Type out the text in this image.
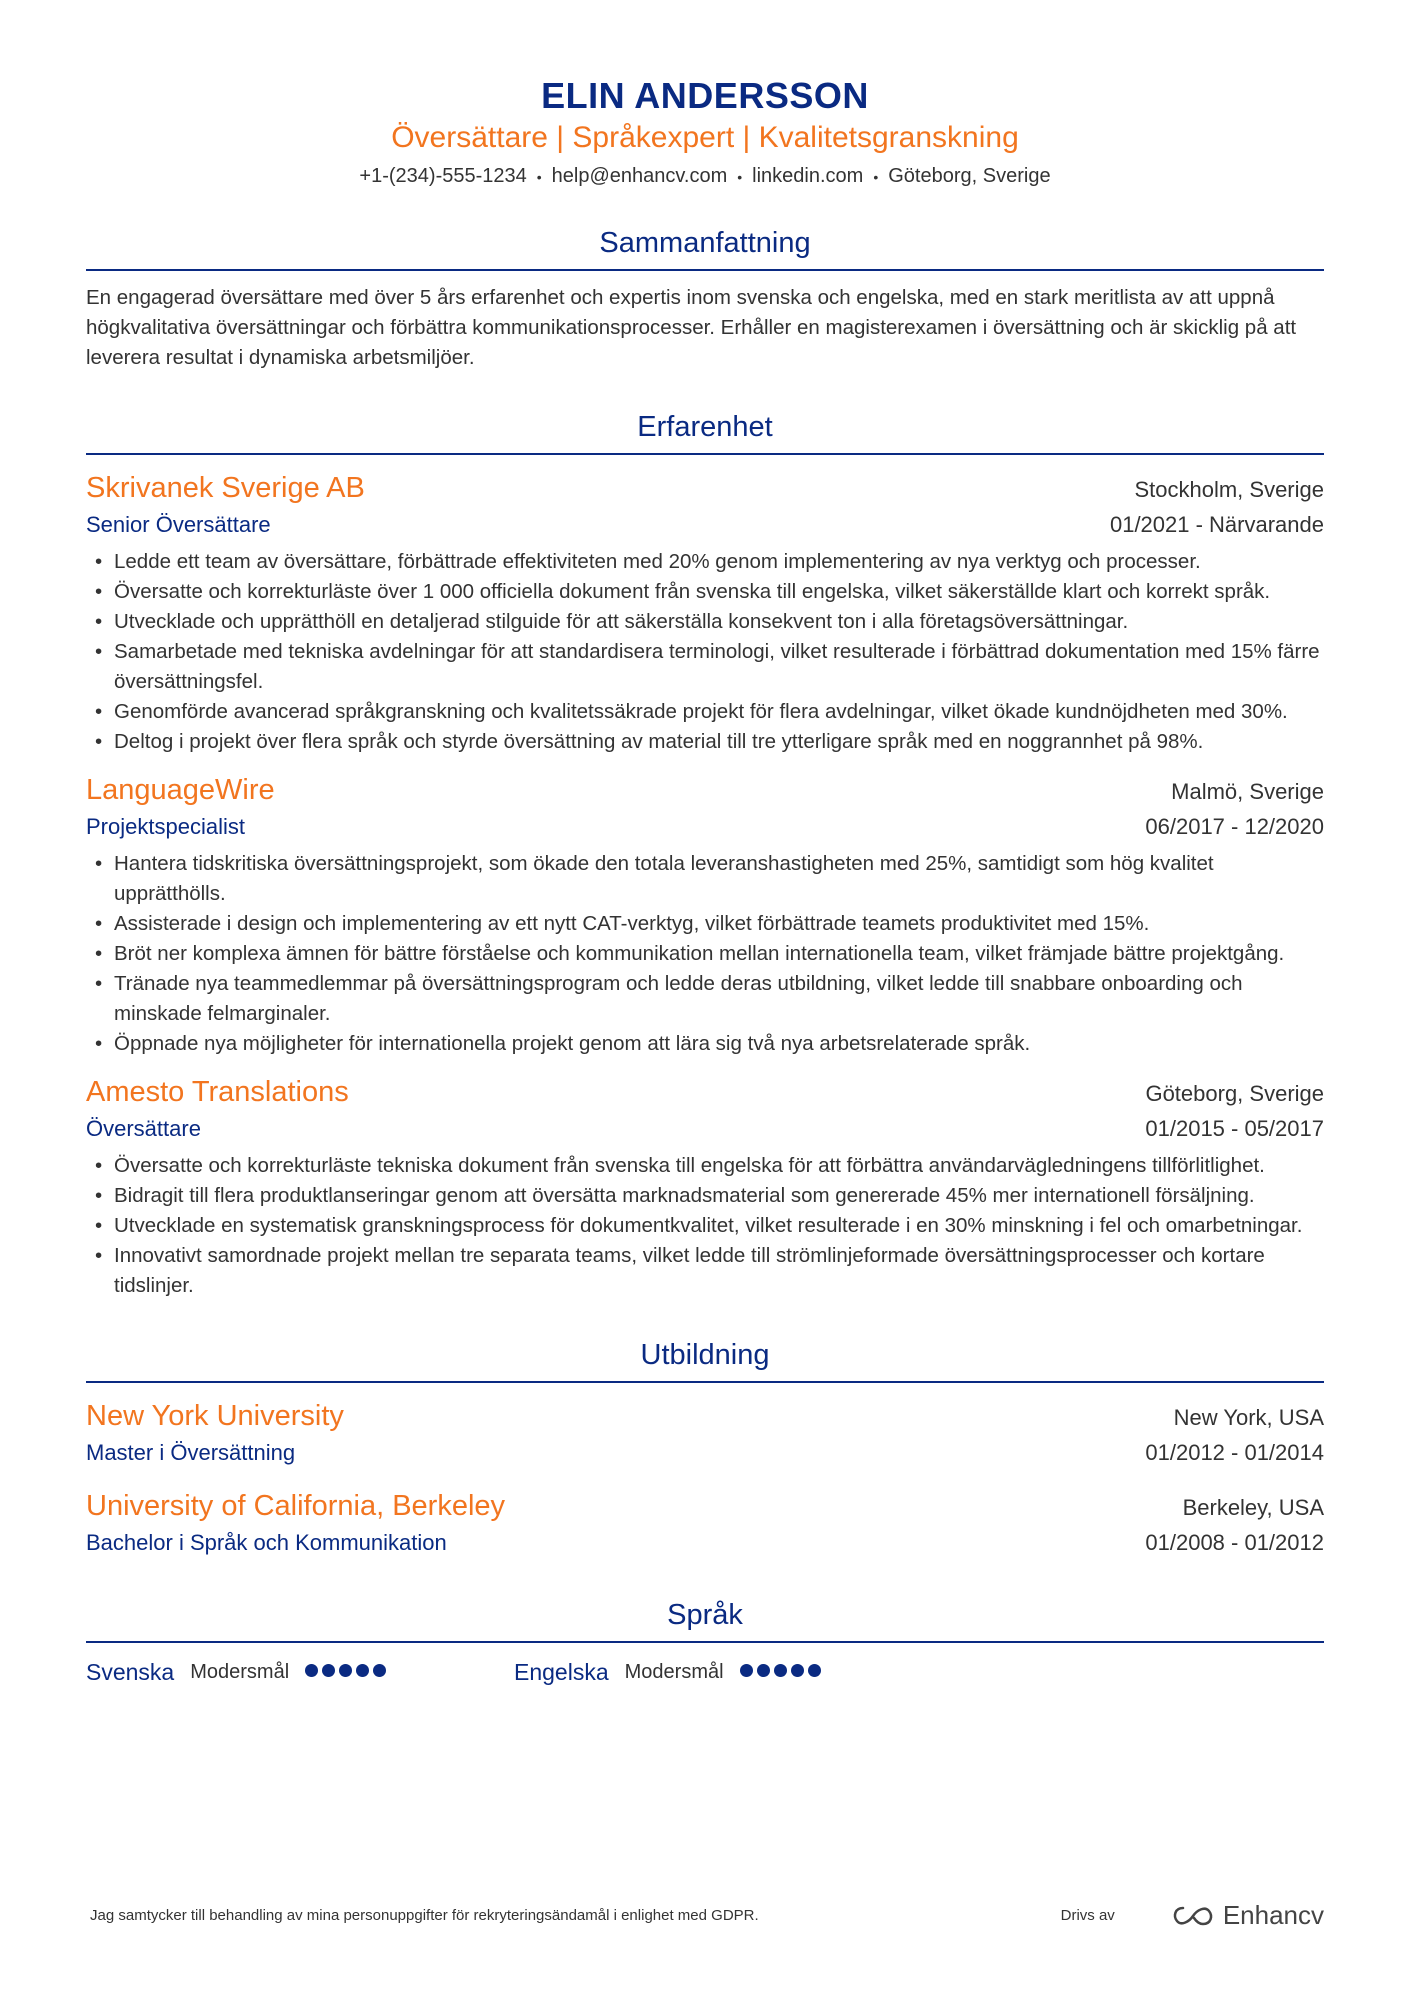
ELIN ANDERSSON
Översättare | Språkexpert | Kvalitetsgranskning
+1-(234)-555-1234 • help@enhancv.com • linkedin.com • Göteborg, Sverige
Sammanfattning
En engagerad översättare med över 5 års erfarenhet och expertis inom svenska och engelska, med en stark meritlista av att uppnå högkvalitativa översättningar och förbättra kommunikationsprocesser. Erhåller en magisterexamen i översättning och är skicklig på att leverera resultat i dynamiska arbetsmiljöer.
Erfarenhet
Skrivanek Sverige AB	Stockholm, Sverige
Senior Översättare	01/2021 - Närvarande
• Ledde ett team av översättare, förbättrade effektiviteten med 20% genom implementering av nya verktyg och processer.
• Översatte och korrekturläste över 1 000 officiella dokument från svenska till engelska, vilket säkerställde klart och korrekt språk.
• Utvecklade och upprätthöll en detaljerad stilguide för att säkerställa konsekvent ton i alla företagsöversättningar.
• Samarbetade med tekniska avdelningar för att standardisera terminologi, vilket resulterade i förbättrad dokumentation med 15% färre översättningsfel.
• Genomförde avancerad språkgranskning och kvalitetssäkrade projekt för flera avdelningar, vilket ökade kundnöjdheten med 30%.
• Deltog i projekt över flera språk och styrde översättning av material till tre ytterligare språk med en noggrannhet på 98%.
LanguageWire	Malmö, Sverige
Projektspecialist	06/2017 - 12/2020
• Hantera tidskritiska översättningsprojekt, som ökade den totala leveranshastigheten med 25%, samtidigt som hög kvalitet upprätthölls.
• Assisterade i design och implementering av ett nytt CAT-verktyg, vilket förbättrade teamets produktivitet med 15%.
• Bröt ner komplexa ämnen för bättre förståelse och kommunikation mellan internationella team, vilket främjade bättre projektgång.
• Tränade nya teammedlemmar på översättningsprogram och ledde deras utbildning, vilket ledde till snabbare onboarding och minskade felmarginaler.
• Öppnade nya möjligheter för internationella projekt genom att lära sig två nya arbetsrelaterade språk.
Amesto Translations	Göteborg, Sverige
Översättare	01/2015 - 05/2017
• Översatte och korrekturläste tekniska dokument från svenska till engelska för att förbättra användarvägledningens tillförlitlighet.
• Bidragit till flera produktlanseringar genom att översätta marknadsmaterial som genererade 45% mer internationell försäljning.
• Utvecklade en systematisk granskningsprocess för dokumentkvalitet, vilket resulterade i en 30% minskning i fel och omarbetningar.
• Innovativt samordnade projekt mellan tre separata teams, vilket ledde till strömlinjeformade översättningsprocesser och kortare tidslinjer.
Utbildning
New York University	New York, USA
Master i Översättning	01/2012 - 01/2014
University of California, Berkeley	Berkeley, USA
Bachelor i Språk och Kommunikation	01/2008 - 01/2012
Språk
Svenska Modersmål	Engelska Modersmål
Jag samtycker till behandling av mina personuppgifter för rekryteringsändamål i enlighet med GDPR.	Drivs av	Enhancv
